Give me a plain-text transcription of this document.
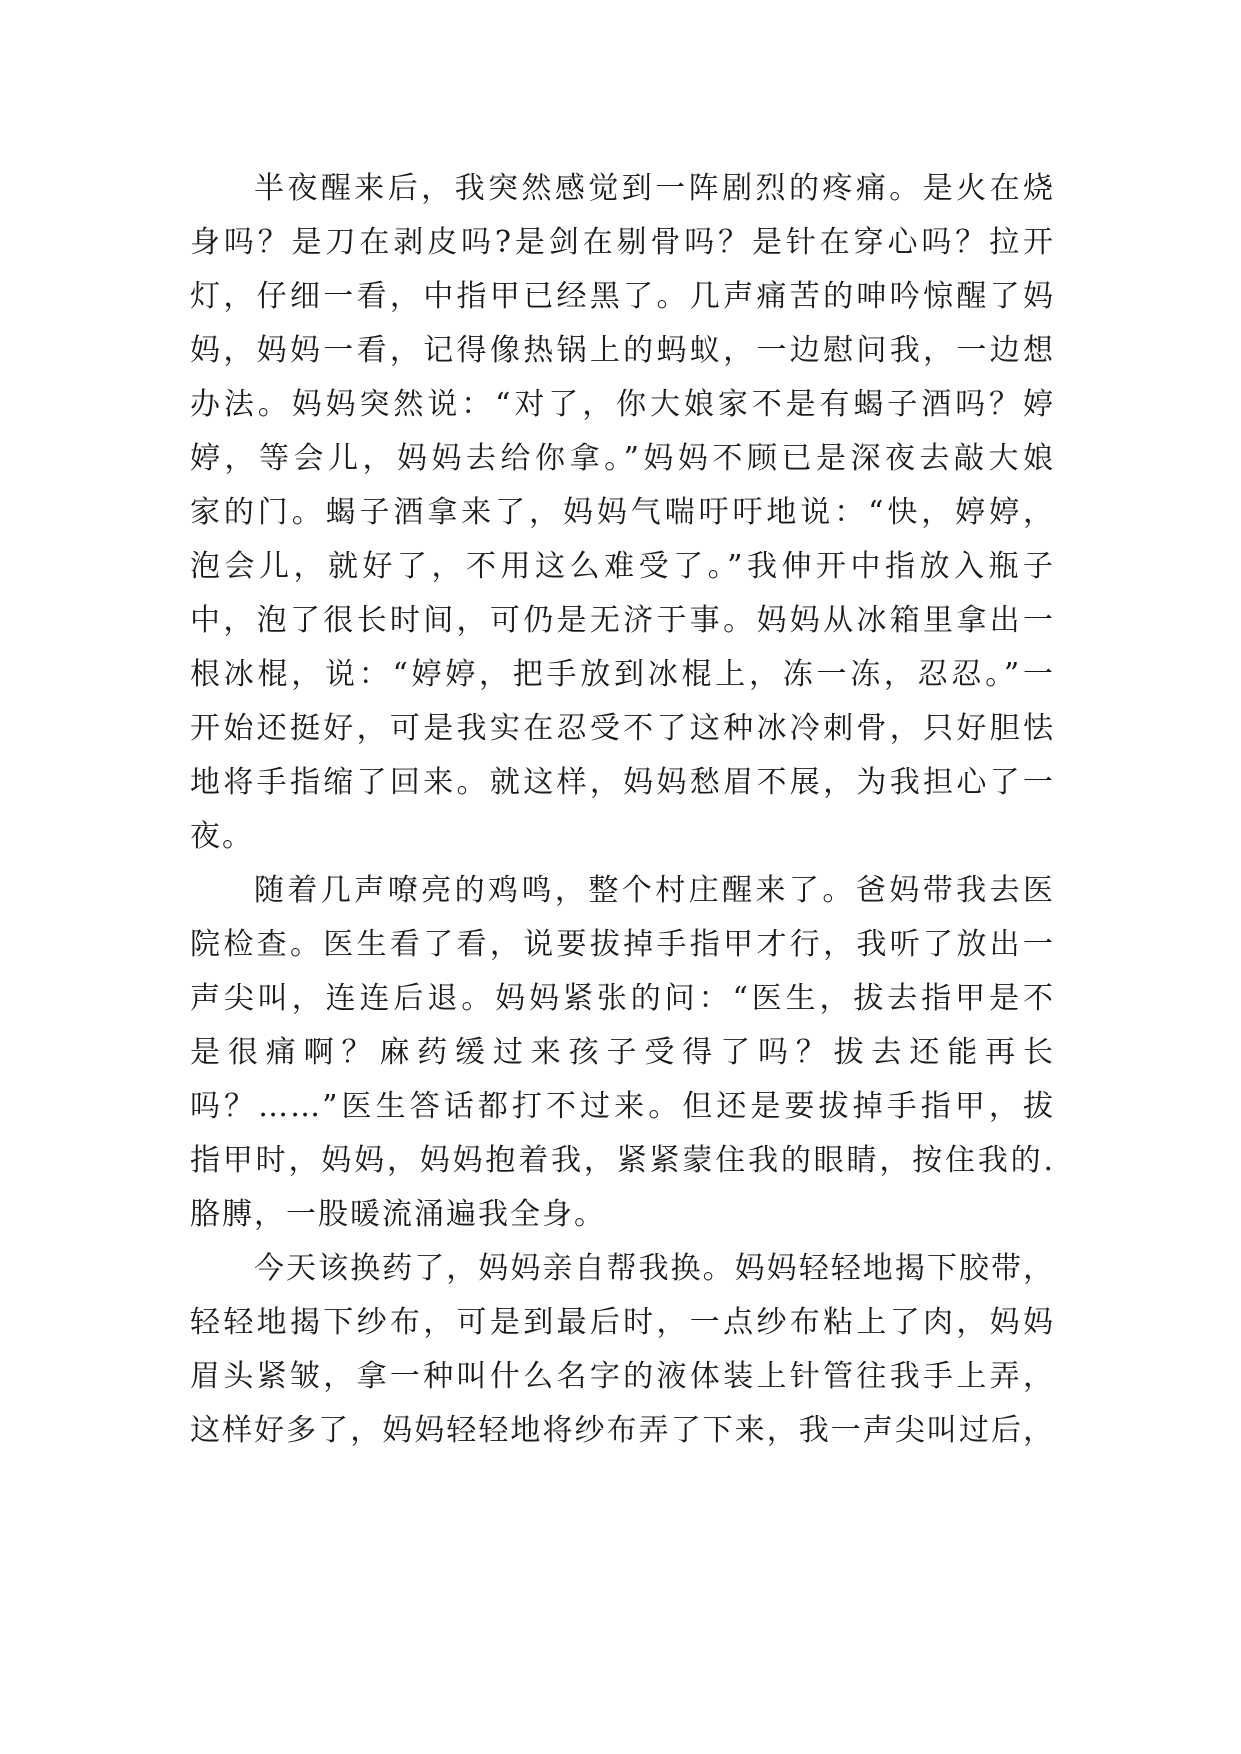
半夜醒来后，我突然感觉到一阵剧烈的疼痛。是火在烧
身吗？是刀在剥皮吗?是剑在剔骨吗？是针在穿心吗？拉开
灯，仔细一看，中指甲已经黑了。几声痛苦的呻吟惊醒了妈
妈，妈妈一看，记得像热锅上的蚂蚁，一边慰问我，一边想
办法。妈妈突然说：“对了，你大娘家不是有蝎子酒吗？婷
婷，等会儿，妈妈去给你拿。”妈妈不顾已是深夜去敲大娘
家的门。蝎子酒拿来了，妈妈气喘吁吁地说：“快，婷婷，
泡会儿，就好了，不用这么难受了。”我伸开中指放入瓶子
中，泡了很长时间，可仍是无济于事。妈妈从冰箱里拿出一
根冰棍，说：“婷婷，把手放到冰棍上，冻一冻，忍忍。”一
开始还挺好，可是我实在忍受不了这种冰冷刺骨，只好胆怯
地将手指缩了回来。就这样，妈妈愁眉不展，为我担心了一
夜。
随着几声嘹亮的鸡鸣，整个村庄醒来了。爸妈带我去医
院检查。医生看了看，说要拔掉手指甲才行，我听了放出一
声尖叫，连连后退。妈妈紧张的问：“医生，拔去指甲是不
是很痛啊？麻药缓过来孩子受得了吗？拔去还能再长
吗？……”医生答话都打不过来。但还是要拔掉手指甲，拔
指甲时，妈妈，妈妈抱着我，紧紧蒙住我的眼睛，按住我的.
胳膊，一股暖流涌遍我全身。
今天该换药了，妈妈亲自帮我换。妈妈轻轻地揭下胶带，
轻轻地揭下纱布，可是到最后时，一点纱布粘上了肉，妈妈
眉头紧皱，拿一种叫什么名字的液体装上针管往我手上弄，
这样好多了，妈妈轻轻地将纱布弄了下来，我一声尖叫过后，
